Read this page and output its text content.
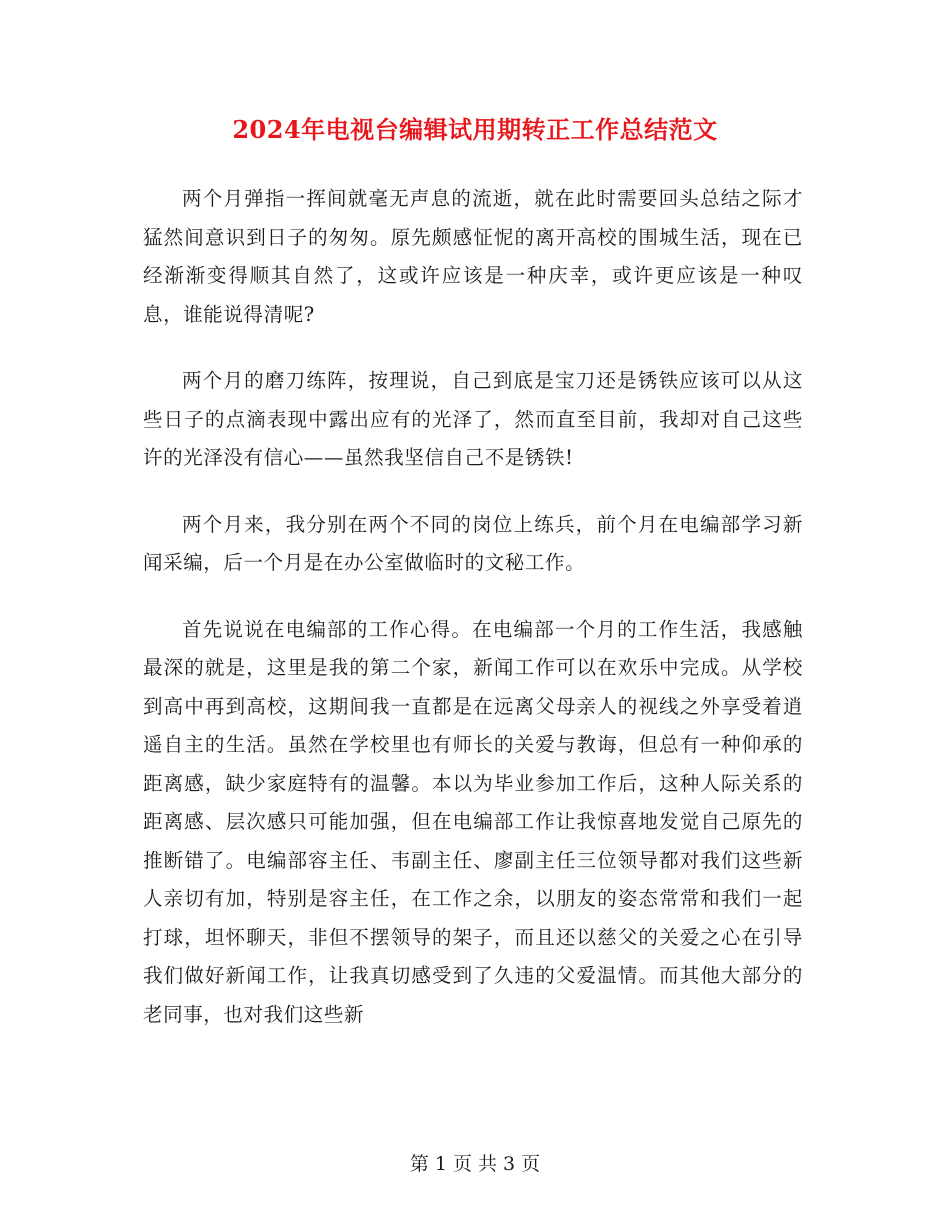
2024年电视台编辑试用期转正工作总结范文

两个月弹指一挥间就毫无声息的流逝，就在此时需要回头总结之际才猛然间意识到日子的匆匆。原先颇感怔怩的离开高校的围城生活，现在已经渐渐变得顺其自然了，这或许应该是一种庆幸，或许更应该是一种叹息，谁能说得清呢?

两个月的磨刀练阵，按理说，自己到底是宝刀还是锈铁应该可以从这些日子的点滴表现中露出应有的光泽了，然而直至目前，我却对自己这些许的光泽没有信心——虽然我坚信自己不是锈铁!

两个月来，我分别在两个不同的岗位上练兵，前个月在电编部学习新闻采编，后一个月是在办公室做临时的文秘工作。

首先说说在电编部的工作心得。在电编部一个月的工作生活，我感触最深的就是，这里是我的第二个家，新闻工作可以在欢乐中完成。从学校到高中再到高校，这期间我一直都是在远离父母亲人的视线之外享受着逍遥自主的生活。虽然在学校里也有师长的关爱与教诲，但总有一种仰承的距离感，缺少家庭特有的温馨。本以为毕业参加工作后，这种人际关系的距离感、层次感只可能加强，但在电编部工作让我惊喜地发觉自己原先的推断错了。电编部容主任、韦副主任、廖副主任三位领导都对我们这些新人亲切有加，特别是容主任，在工作之余，以朋友的姿态常常和我们一起打球，坦怀聊天，非但不摆领导的架子，而且还以慈父的关爱之心在引导我们做好新闻工作，让我真切感受到了久违的父爱温情。而其他大部分的老同事，也对我们这些新

第 1 页 共 3 页
